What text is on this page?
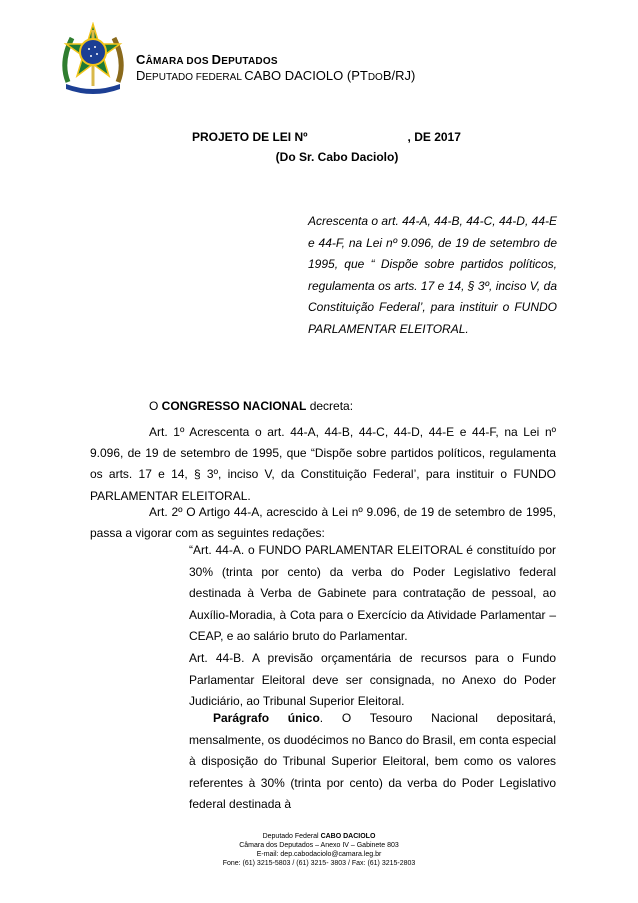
CÂMARA DOS DEPUTADOS
DEPUTADO FEDERAL CABO DACIOLO (PTDOB/RJ)
PROJETO DE LEI Nº	, DE 2017
(Do Sr. Cabo Daciolo)
Acrescenta o art. 44-A, 44-B, 44-C, 44-D, 44-E e 44-F, na Lei nº 9.096, de 19 de setembro de 1995, que “ Dispõe sobre partidos políticos, regulamenta os arts. 17 e 14, § 3º, inciso V, da Constituição Federal’, para instituir o FUNDO PARLAMENTAR ELEITORAL.
O CONGRESSO NACIONAL decreta:
Art. 1º Acrescenta o art. 44-A, 44-B, 44-C, 44-D, 44-E e 44-F, na Lei nº 9.096, de 19 de setembro de 1995, que “Dispõe sobre partidos políticos, regulamenta os arts. 17 e 14, § 3º, inciso V, da Constituição Federal’, para instituir o FUNDO PARLAMENTAR ELEITORAL.
Art. 2º O Artigo 44-A, acrescido à Lei nº 9.096, de 19 de setembro de 1995, passa a vigorar com as seguintes redações:
“Art. 44-A. o FUNDO PARLAMENTAR ELEITORAL é constituído por 30% (trinta por cento) da verba do Poder Legislativo federal destinada à Verba de Gabinete para contratação de pessoal, ao Auxílio-Moradia, à Cota para o Exercício da Atividade Parlamentar – CEAP, e ao salário bruto do Parlamentar.
Art. 44-B. A previsão orçamentária de recursos para o Fundo Parlamentar Eleitoral deve ser consignada, no Anexo do Poder Judiciário, ao Tribunal Superior Eleitoral.
Parágrafo único. O Tesouro Nacional depositará, mensalmente, os duodécimos no Banco do Brasil, em conta especial à disposição do Tribunal Superior Eleitoral, bem como os valores referentes à 30% (trinta por cento) da verba do Poder Legislativo federal destinada à
Deputado Federal CABO DACIOLO
Câmara dos Deputados – Anexo IV – Gabinete 803
E-mail: dep.cabodaciolo@camara.leg.br
Fone: (61) 3215-5803 / (61) 3215- 3803 / Fax: (61) 3215-2803
